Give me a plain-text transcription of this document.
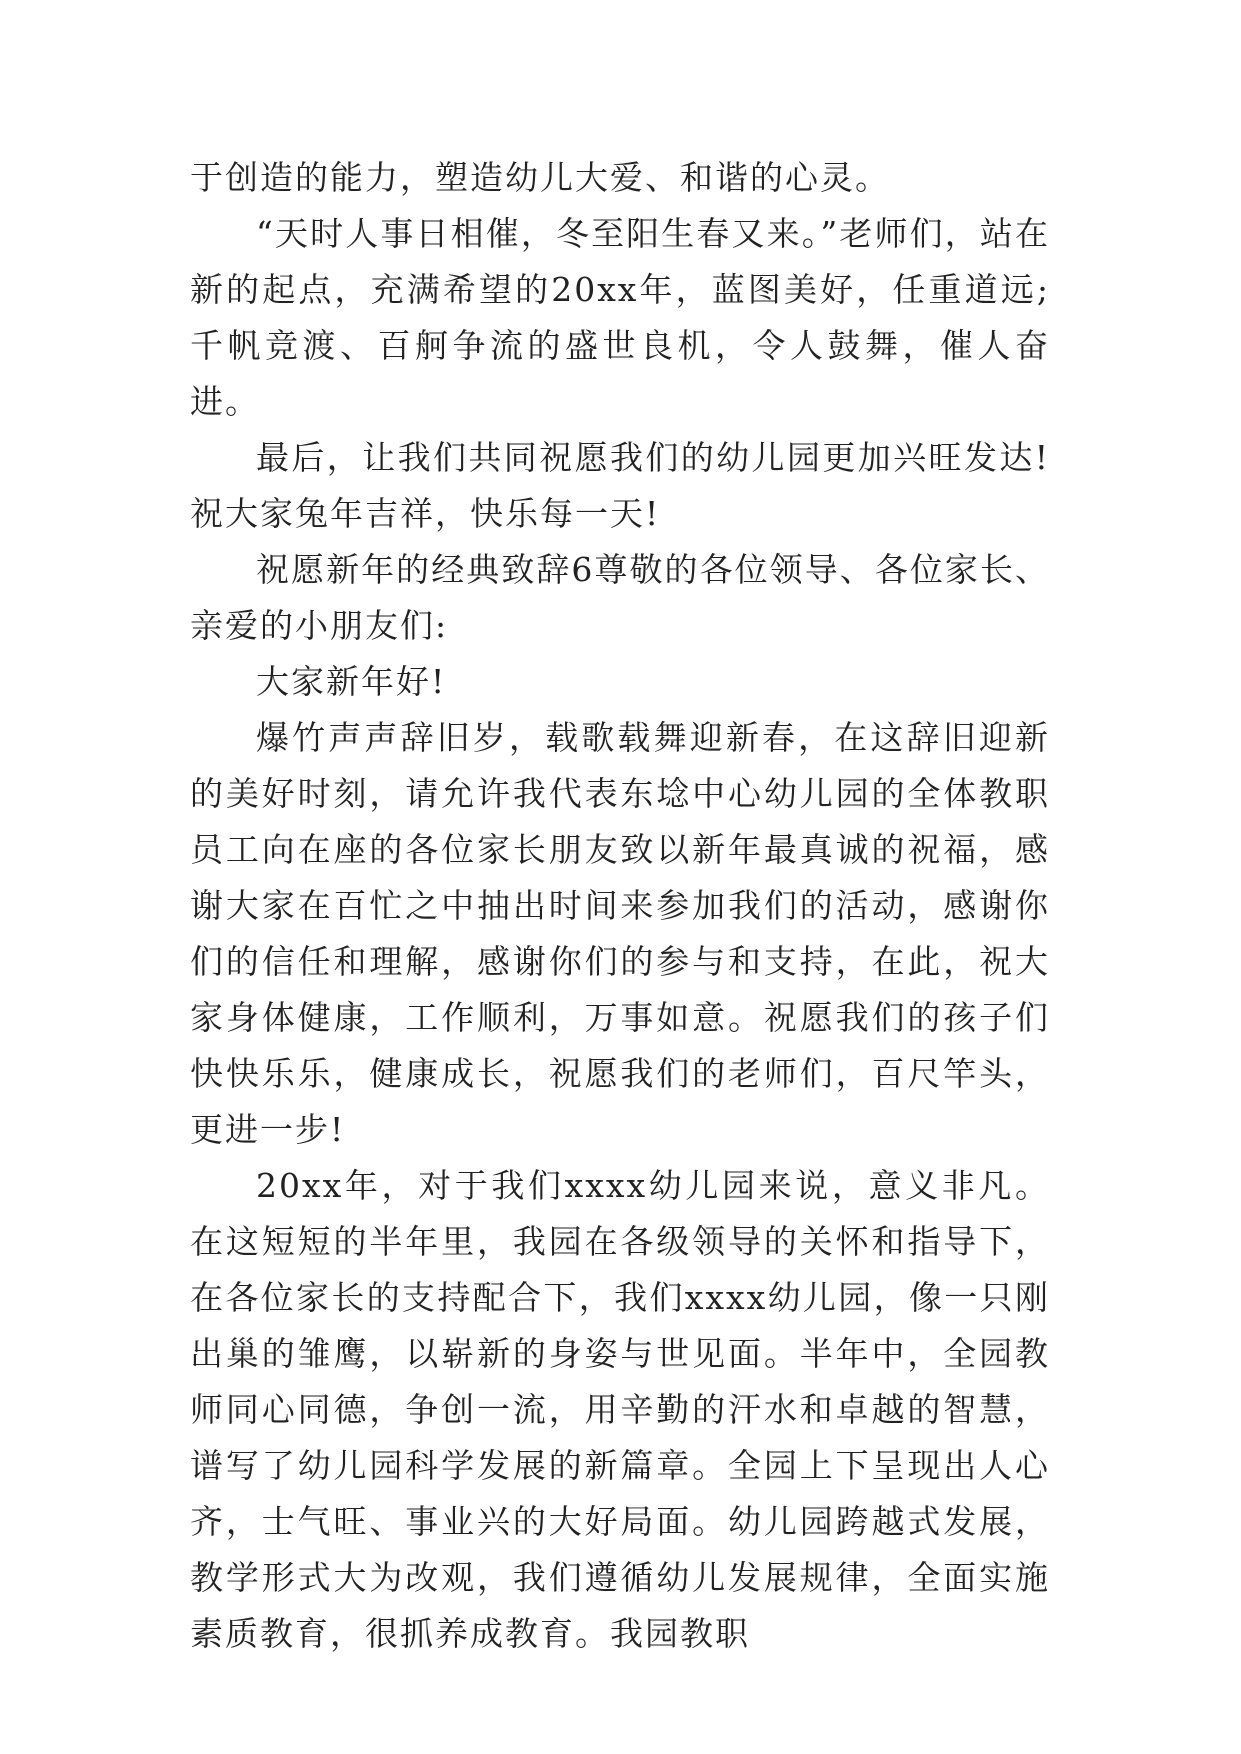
于创造的能力，塑造幼儿大爱、和谐的心灵。

“天时人事日相催，冬至阳生春又来。”老师们，站在新的起点，充满希望的20xx年，蓝图美好，任重道远;千帆竞渡、百舸争流的盛世良机，令人鼓舞，催人奋进。

最后，让我们共同祝愿我们的幼儿园更加兴旺发达!祝大家兔年吉祥，快乐每一天!

祝愿新年的经典致辞6尊敬的各位领导、各位家长、亲爱的小朋友们:

大家新年好!

爆竹声声辞旧岁，载歌载舞迎新春，在这辞旧迎新的美好时刻，请允许我代表东埝中心幼儿园的全体教职员工向在座的各位家长朋友致以新年最真诚的祝福，感谢大家在百忙之中抽出时间来参加我们的活动，感谢你们的信任和理解，感谢你们的参与和支持，在此，祝大家身体健康，工作顺利，万事如意。祝愿我们的孩子们快快乐乐，健康成长，祝愿我们的老师们，百尺竿头，更进一步!

20xx年，对于我们xxxx幼儿园来说，意义非凡。在这短短的半年里，我园在各级领导的关怀和指导下，在各位家长的支持配合下，我们xxxx幼儿园，像一只刚出巢的雏鹰，以崭新的身姿与世见面。半年中，全园教师同心同德，争创一流，用辛勤的汗水和卓越的智慧，谱写了幼儿园科学发展的新篇章。全园上下呈现出人心齐，士气旺、事业兴的大好局面。幼儿园跨越式发展，教学形式大为改观，我们遵循幼儿发展规律，全面实施素质教育，很抓养成教育。我园教职
